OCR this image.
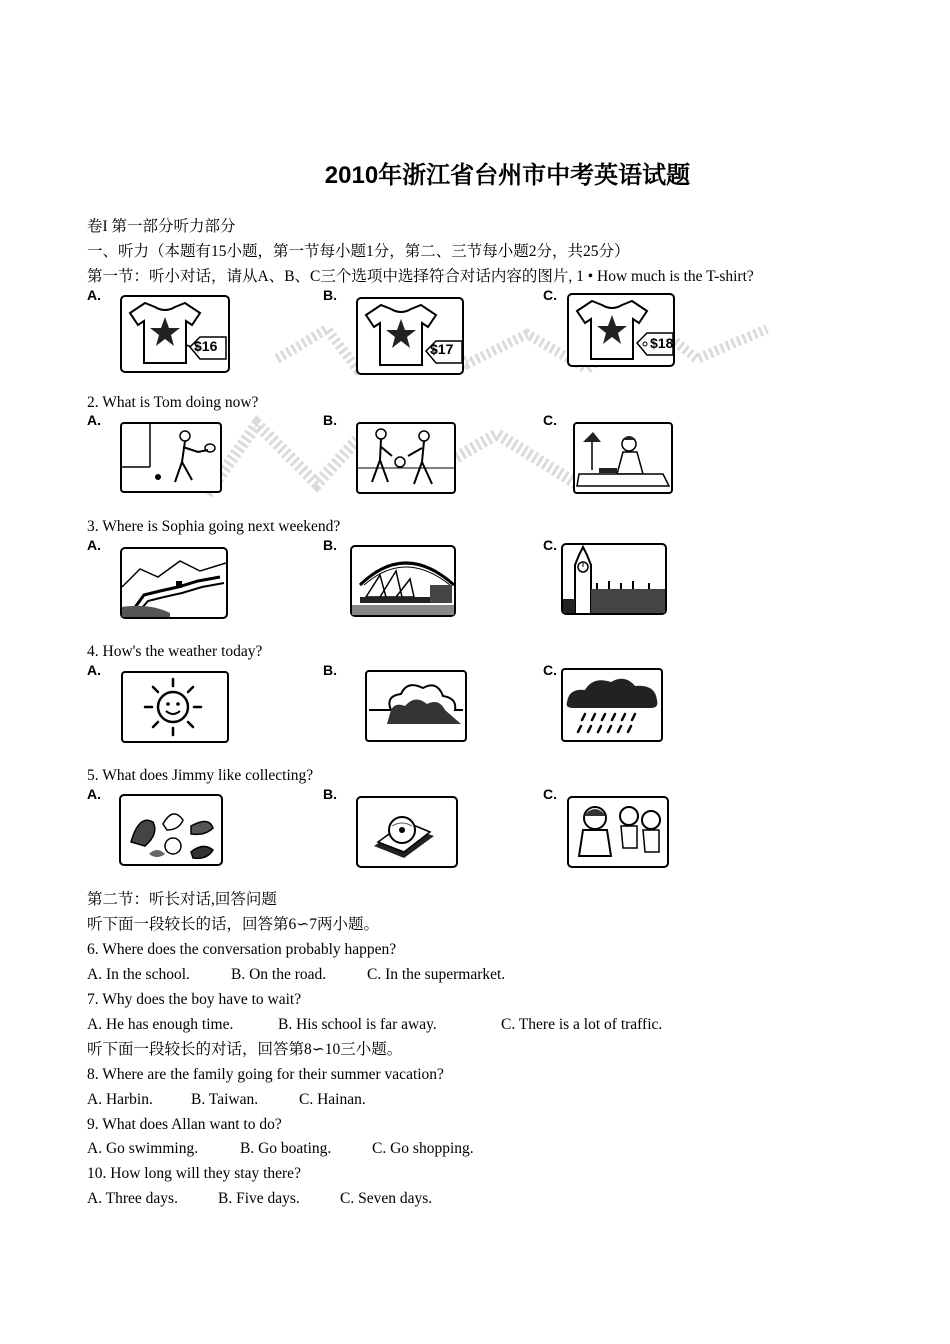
2010年浙江省台州市中考英语试题
卷I 第一部分听力部分
一、听力（本题有15小题，第一节每小题1分，第二、三节每小题2分，共25分）
第一节：听小对话，请从A、B、C三个选项中选择符合对话内容的图片, 1 • How much is the T-shirt?
A.
$16
B.
$17
C.
$18
2. What is Tom doing now?
A.	B.	C.
3. Where is Sophia going next weekend?
A.	B.	C.
4. How's the weather today?
A.	B.	C.
5. What does Jimmy like collecting?
A.	B.	C.
第二节：听长对话,回答问题
听下面一段较长的话，回答第6∽7两小题。
6. Where does the conversation probably happen?
A. In the school.	B. On the road.	C. In the supermarket.
7. Why does the boy have to wait?
A. He has enough time.	B. His school is far away.	C. There is a lot of traffic.
听下面一段较长的对话，回答第8∽10三小题。
8. Where are the family going for their summer vacation?
A. Harbin. B. Taiwan.	C. Hainan.
9. What does Allan want to do?
A. Go swimming.	B. Go boating.	C. Go shopping.
10. How long will they stay there?
A. Three days.	B. Five days.	C. Seven days.
